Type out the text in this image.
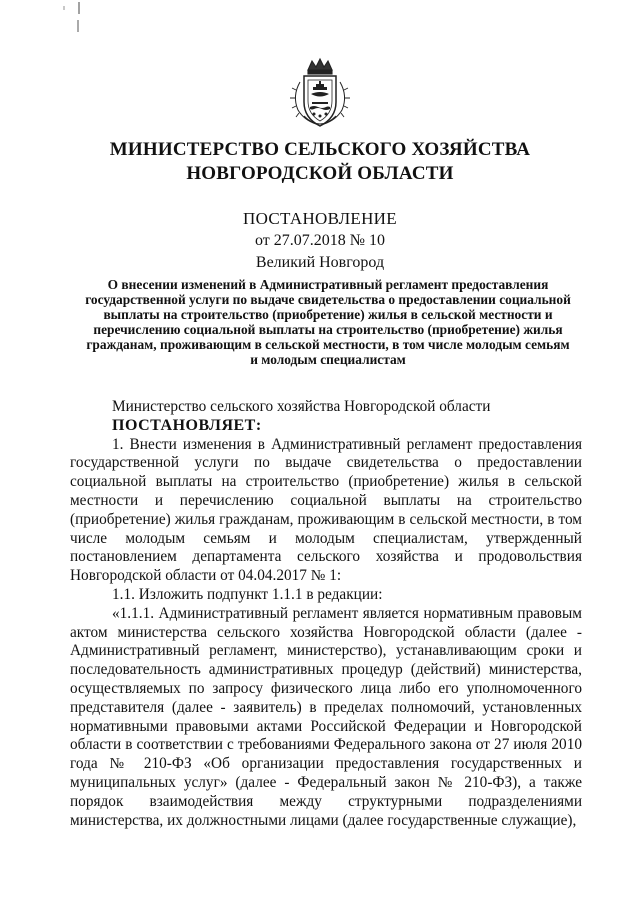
МИНИСТЕРСТВО СЕЛЬСКОГО ХОЗЯЙСТВА
НОВГОРОДСКОЙ ОБЛАСТИ
ПОСТАНОВЛЕНИЕ
от 27.07.2018 № 10
Великий Новгород
О внесении изменений в Административный регламент предоставления государственной услуги по выдаче свидетельства о предоставлении социальной выплаты на строительство (приобретение) жилья в сельской местности и перечислению социальной выплаты на строительство (приобретение) жилья гражданам, проживающим в сельской местности, в том числе молодым семьям и молодым специалистам

Министерство сельского хозяйства Новгородской области

ПОСТАНОВЛЯЕТ:

1. Внести изменения в Административный регламент предоставления государственной услуги по выдаче свидетельства о предоставлении социальной выплаты на строительство (приобретение) жилья в сельской местности и перечислению социальной выплаты на строительство (приобретение) жилья гражданам, проживающим в сельской местности, в том числе молодым семьям и молодым специалистам, утвержденный постановлением департамента сельского хозяйства и продовольствия Новгородской области от 04.04.2017 № 1:

1.1. Изложить подпункт 1.1.1 в редакции:

«1.1.1. Административный регламент является нормативным правовым актом министерства сельского хозяйства Новгородской области (далее - Административный регламент, министерство), устанавливающим сроки и последовательность административных процедур (действий) министерства, осуществляемых по запросу физического лица либо его уполномоченного представителя (далее - заявитель) в пределах полномочий, установленных нормативными правовыми актами Российской Федерации и Новгородской области в соответствии с требованиями Федерального закона от 27 июля 2010 года № 210-ФЗ «Об организации предоставления государственных и муниципальных услуг» (далее - Федеральный закон № 210-ФЗ), а также порядок взаимодействия между структурными подразделениями министерства, их должностными лицами (далее государственные служащие),
